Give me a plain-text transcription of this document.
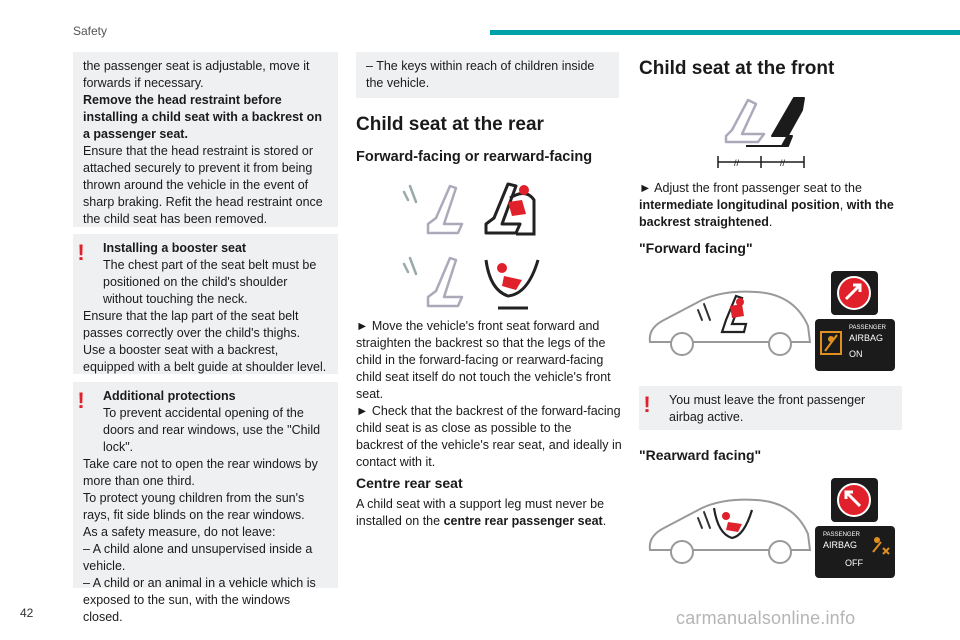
Safety

the passenger seat is adjustable, move it forwards if necessary.

Remove the head restraint before installing a child seat with a backrest on a passenger seat.

Ensure that the head restraint is stored or attached securely to prevent it from being thrown around the vehicle in the event of sharp braking. Refit the head restraint once the child seat has been removed.

!	Installing a booster seat

The chest part of the seat belt must be positioned on the child's shoulder without touching the neck.

Ensure that the lap part of the seat belt passes correctly over the child's thighs.

Use a booster seat with a backrest, equipped with a belt guide at shoulder level.

!	Additional protections

To prevent accidental opening of the doors and rear windows, use the "Child lock".

Take care not to open the rear windows by more than one third.

To protect young children from the sun's rays, fit side blinds on the rear windows.

As a safety measure, do not leave:

– A child alone and unsupervised inside a vehicle.

– A child or an animal in a vehicle which is exposed to the sun, with the windows closed.

– The keys within reach of children inside the vehicle.

Child seat at the rear
Forward-facing or rearward-facing

► Move the vehicle's front seat forward and straighten the backrest so that the legs of the child in the forward-facing or rearward-facing child seat itself do not touch the vehicle's front seat.

► Check that the backrest of the forward-facing child seat is as close as possible to the backrest of the vehicle's rear seat, and ideally in contact with it.

Centre rear seat

A child seat with a support leg must never be installed on the centre rear passenger seat.

Child seat at the front
//	//

► Adjust the front passenger seat to the intermediate longitudinal position, with the backrest straightened.

"Forward facing"
PASSENGER
AIRBAG
ON
!	You must leave the front passenger airbag active.

"Rearward facing"
PASSENGER
AIRBAG
OFF
42	carmanualsonline.info
